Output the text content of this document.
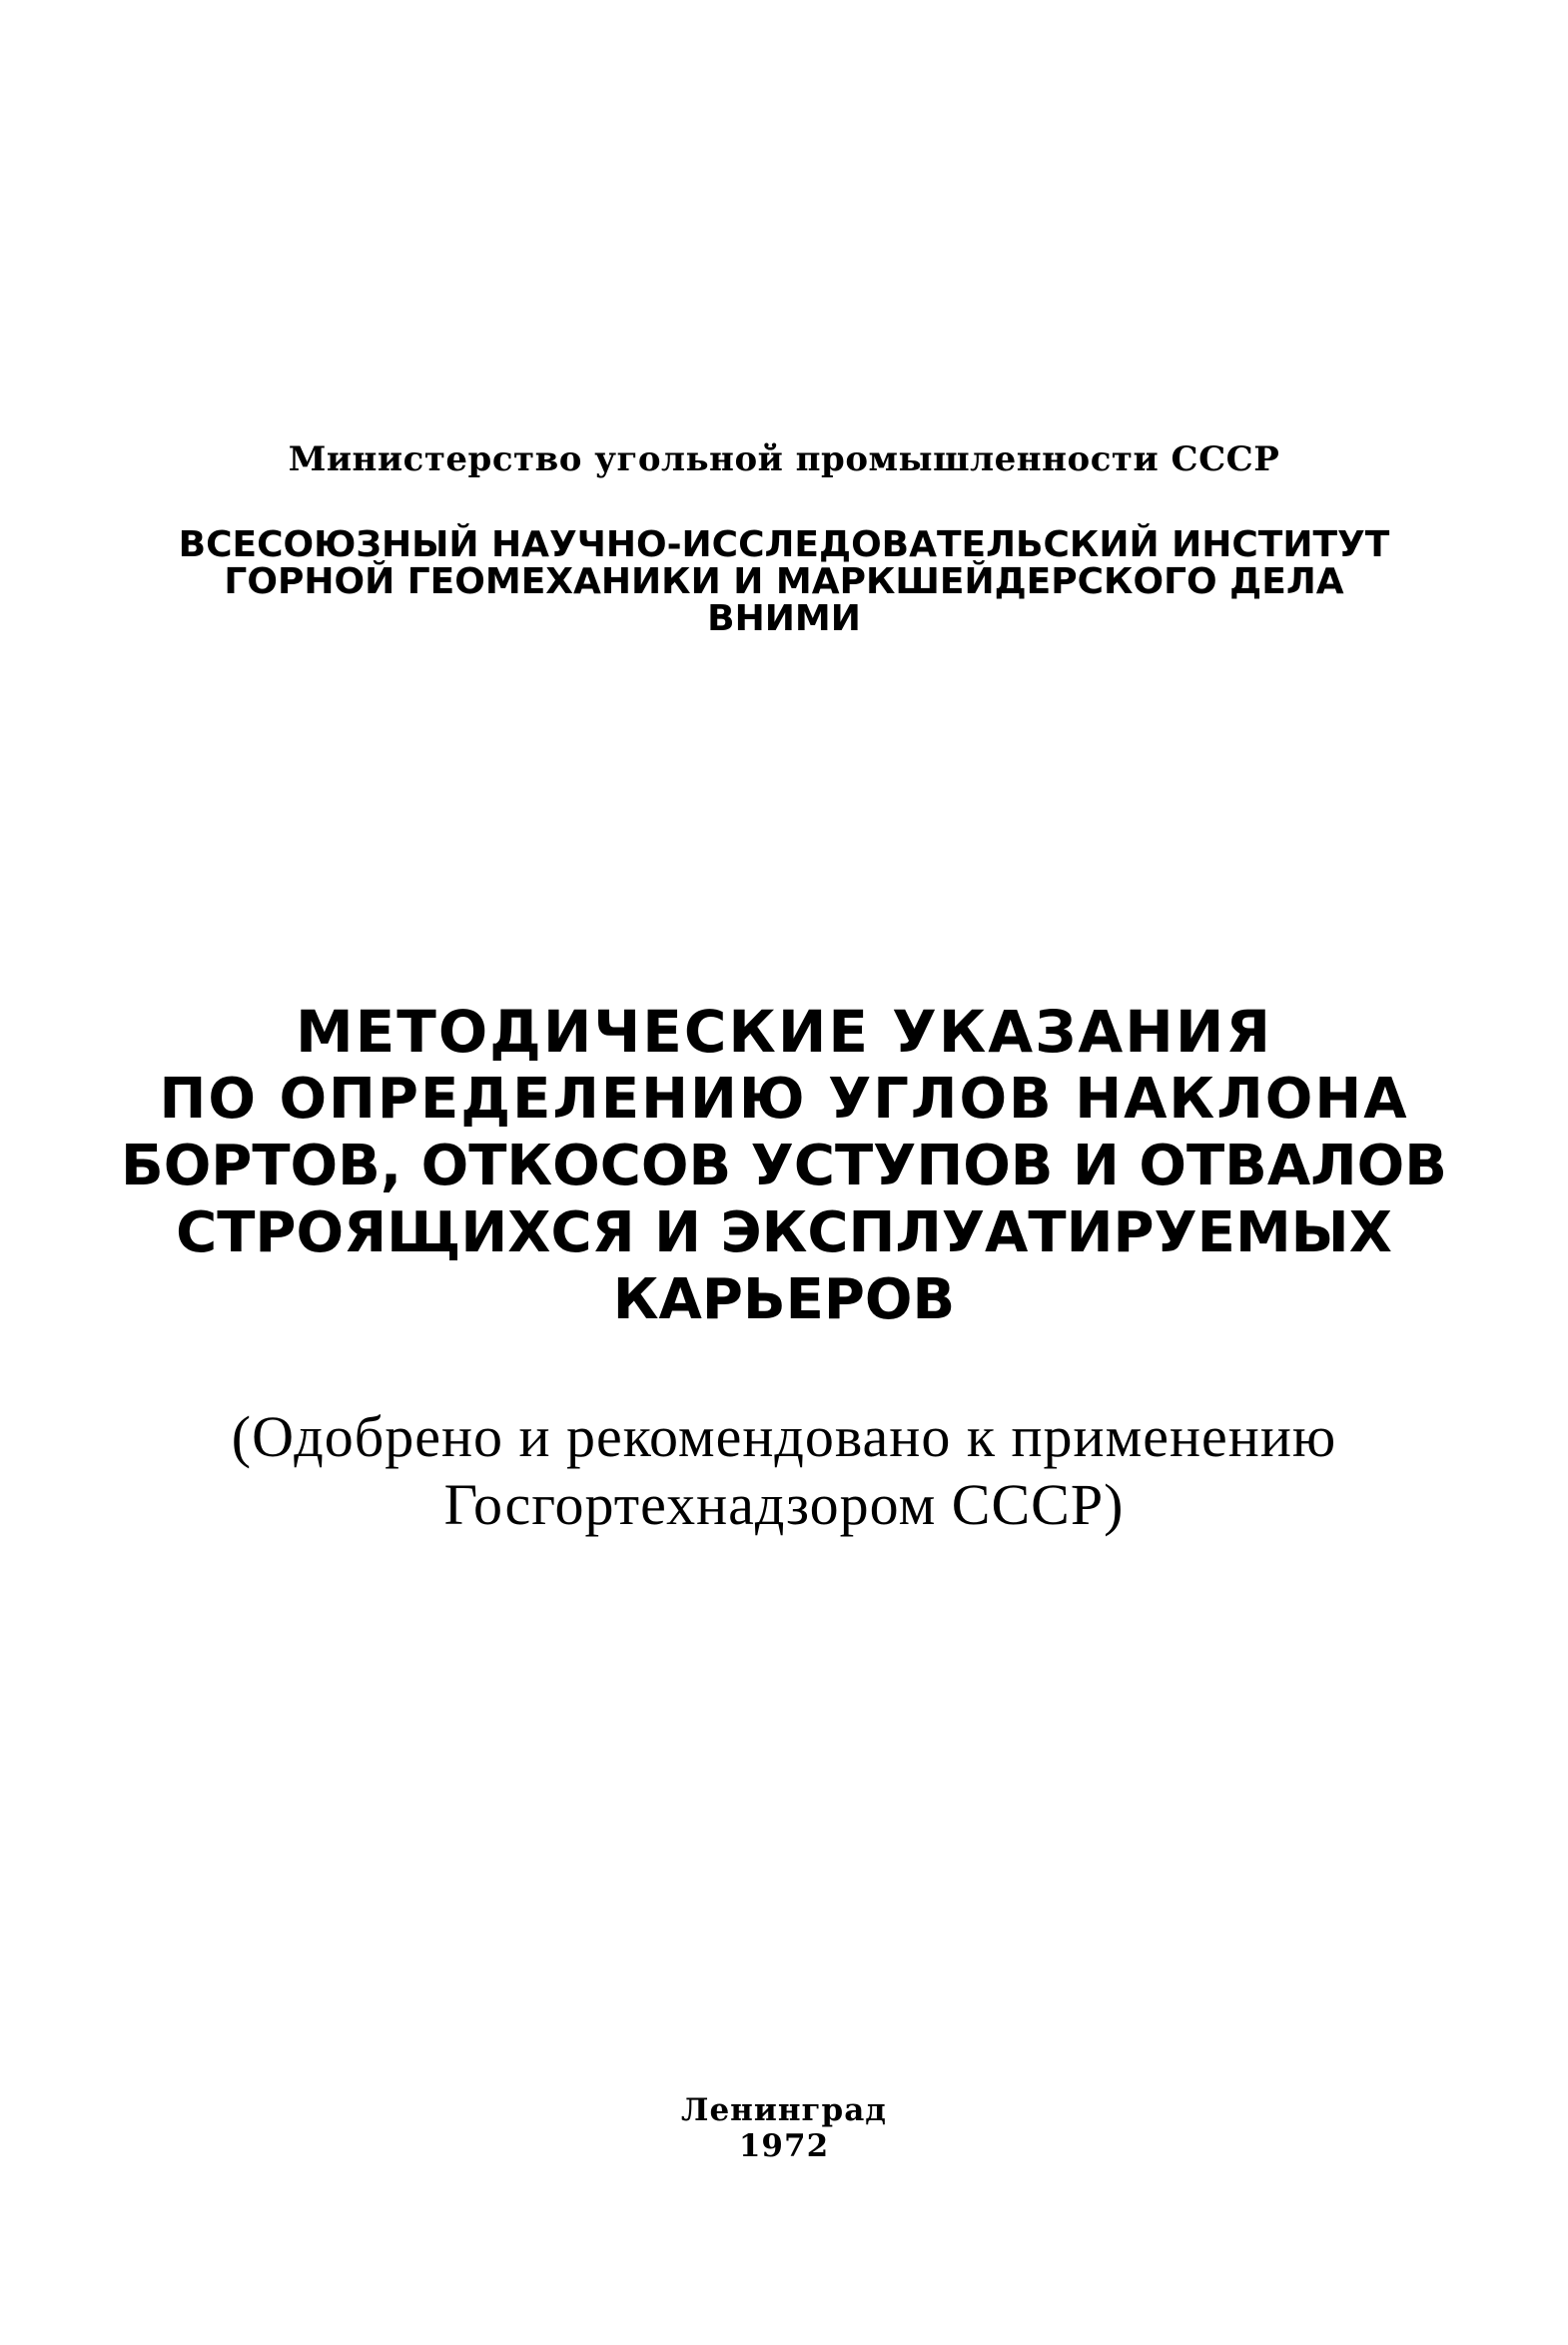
Министерство угольной промышленности СССР
ВСЕСОЮЗНЫЙ НАУЧНО-ИССЛЕДОВАТЕЛЬСКИЙ ИНСТИТУТ
ГОРНОЙ ГЕОМЕХАНИКИ И МАРКШЕЙДЕРСКОГО ДЕЛА
ВНИМИ
МЕТОДИЧЕСКИЕ УКАЗАНИЯ
ПО ОПРЕДЕЛЕНИЮ УГЛОВ НАКЛОНА
БОРТОВ, ОТКОСОВ УСТУПОВ И ОТВАЛОВ
СТРОЯЩИХСЯ И ЭКСПЛУАТИРУЕМЫХ
КАРЬЕРОВ
(Одобрено и рекомендовано к применению
Госгортехнадзором СССР)
Ленинград
1972
